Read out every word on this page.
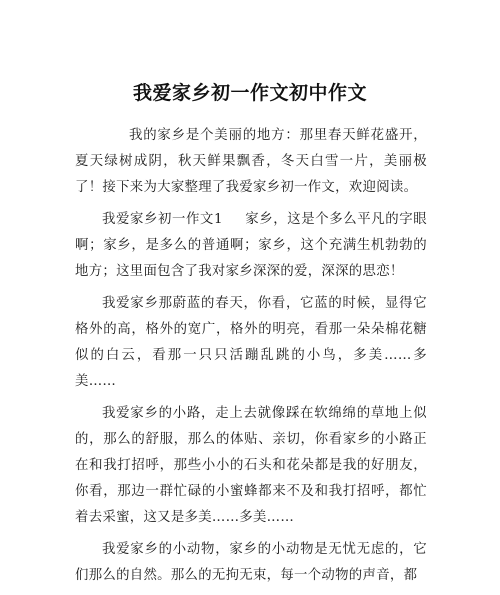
我爱家乡初一作文初中作文

我的家乡是个美丽的地方：那里春天鲜花盛开，夏天绿树成阴，秋天鲜果飘香，冬天白雪一片，美丽极了！接下来为大家整理了我爱家乡初一作文，欢迎阅读。

我爱家乡初一作文1 家乡，这是个多么平凡的字眼啊；家乡，是多么的普通啊；家乡，这个充满生机勃勃的地方；这里面包含了我对家乡深深的爱，深深的思恋！

我爱家乡那蔚蓝的春天，你看，它蓝的时候，显得它格外的高，格外的宽广，格外的明亮，看那一朵朵棉花糖似的白云，看那一只只活蹦乱跳的小鸟，多美……多美……

我爱家乡的小路，走上去就像踩在软绵绵的草地上似的，那么的舒服，那么的体贴、亲切，你看家乡的小路正在和我打招呼，那些小小的石头和花朵都是我的好朋友，你看，那边一群忙碌的小蜜蜂都来不及和我打招呼，都忙着去采蜜，这又是多美……多美……

我爱家乡的小动物，家乡的小动物是无忧无虑的，它们那么的自然。那么的无拘无束，每一个动物的声音，都
